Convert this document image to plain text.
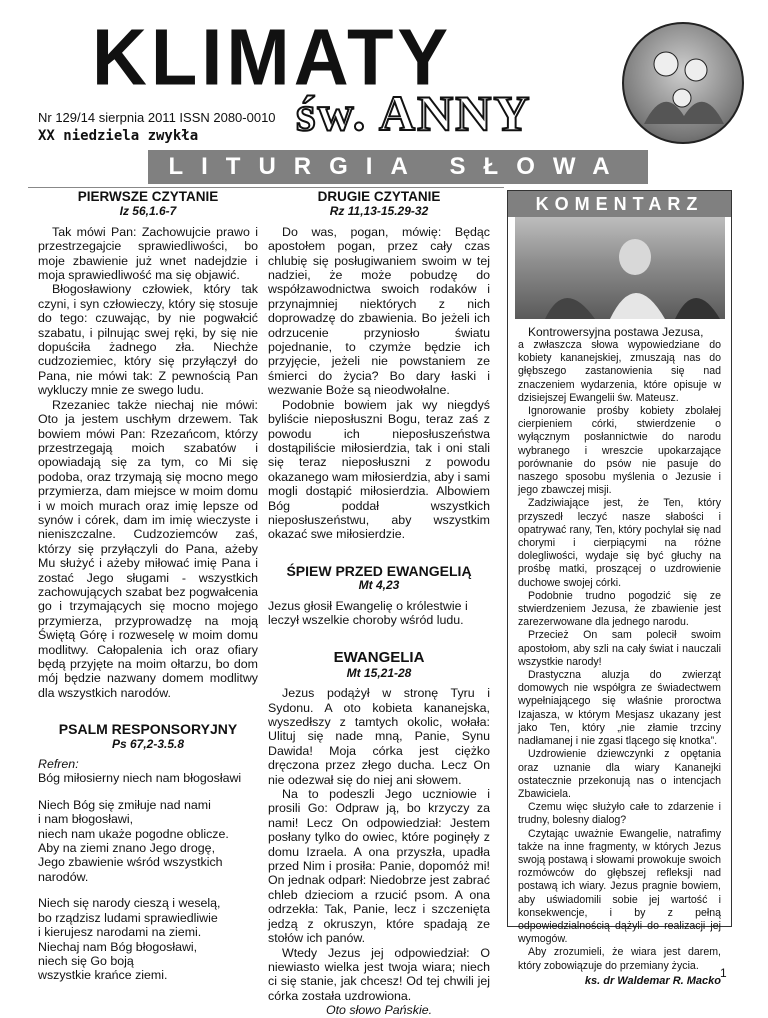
KLIMATY
św. ANNY
Nr 129/14 sierpnia 2011 ISSN 2080-0010
XX niedziela zwykła
LITURGIA SŁOWA
PIERWSZE CZYTANIE
Iz 56,1.6-7

Tak mówi Pan: Zachowujcie prawo i przestrzegajcie sprawiedliwości, bo moje zbawienie już wnet nadejdzie i moja sprawiedliwość ma się objawić.

Błogosławiony człowiek, który tak czyni, i syn człowieczy, który się stosuje do tego: czuwając, by nie pogwałcić szabatu, i pilnując swej ręki, by się nie dopuściła żadnego zła. Niechże cudzoziemiec, który się przyłączył do Pana, nie mówi tak: Z pewnością Pan wykluczy mnie ze swego ludu.

Rzezaniec także niechaj nie mówi: Oto ja jestem uschłym drzewem. Tak bowiem mówi Pan: Rzezańcom, którzy przestrzegają moich szabatów i opowiadają się za tym, co Mi się podoba, oraz trzymają się mocno mego przymierza, dam miejsce w moim domu i w moich murach oraz imię lepsze od synów i córek, dam im imię wieczyste i nieniszczalne. Cudzoziemców zaś, którzy się przyłączyli do Pana, ażeby Mu służyć i ażeby miłować imię Pana i zostać Jego sługami - wszystkich zachowujących szabat bez pogwałcenia go i trzymających się mocno mojego przymierza, przyprowadzę na moją Świętą Górę i rozweselę w moim domu modlitwy. Całopalenia ich oraz ofiary będą przyjęte na moim ołtarzu, bo dom mój będzie nazwany domem modlitwy dla wszystkich narodów.

PSALM RESPONSORYJNY
Ps 67,2-3.5.8

Refren:

Bóg miłosierny niech nam błogosławi

Niech Bóg się zmiłuje nad nami

i nam błogosławi,

niech nam ukaże pogodne oblicze.

Aby na ziemi znano Jego drogę,

Jego zbawienie wśród wszystkich

narodów.

Niech się narody cieszą i weselą,

bo rządzisz ludami sprawiedliwie

i kierujesz narodami na ziemi.

Niechaj nam Bóg błogosławi,

niech się Go boją

wszystkie krańce ziemi.

DRUGIE CZYTANIE
Rz 11,13-15.29-32

Do was, pogan, mówię: Będąc apostołem pogan, przez cały czas chlubię się posługiwaniem swoim w tej nadziei, że może pobudzę do współzawodnictwa swoich rodaków i przynajmniej niektórych z nich doprowadzę do zbawienia. Bo jeżeli ich odrzucenie przyniosło światu pojednanie, to czymże będzie ich przyjęcie, jeżeli nie powstaniem ze śmierci do życia? Bo dary łaski i wezwanie Boże są nieodwołalne.

Podobnie bowiem jak wy niegdyś byliście nieposłuszni Bogu, teraz zaś z powodu ich nieposłuszeństwa dostąpiliście miłosierdzia, tak i oni stali się teraz nieposłuszni z powodu okazanego wam miłosierdzia, aby i sami mogli dostąpić miłosierdzia. Albowiem Bóg poddał wszystkich nieposłuszeństwu, aby wszystkim okazać swe miłosierdzie.

ŚPIEW PRZED EWANGELIĄ
Mt 4,23

Jezus głosił Ewangelię o królestwie i leczył wszelkie choroby wśród ludu.

EWANGELIA
Mt 15,21-28

Jezus podążył w stronę Tyru i Sydonu. A oto kobieta kananejska, wyszedłszy z tamtych okolic, wołała: Ulituj się nade mną, Panie, Synu Dawida! Moja córka jest ciężko dręczona przez złego ducha. Lecz On nie odezwał się do niej ani słowem.

Na to podeszli Jego uczniowie i prosili Go: Odpraw ją, bo krzyczy za nami! Lecz On odpowiedział: Jestem posłany tylko do owiec, które poginęły z domu Izraela. A ona przyszła, upadła przed Nim i prosiła: Panie, dopomóż mi! On jednak odparł: Niedobrze jest zabrać chleb dzieciom a rzucić psom. A ona odrzekła: Tak, Panie, lecz i szczenięta jedzą z okruszyn, które spadają ze stołów ich panów.

Wtedy Jezus jej odpowiedział: O niewiasto wielka jest twoja wiara; niech ci się stanie, jak chcesz! Od tej chwili jej córka została uzdrowiona.

Oto słowo Pańskie.

KOMENTARZ

Kontrowersyjna postawa Jezusa,

a zwłaszcza słowa wypowiedziane do kobiety kananejskiej, zmuszają nas do głębszego zastanowienia się nad znaczeniem wydarzenia, które opisuje w dzisiejszej Ewangelii św. Mateusz.

Ignorowanie prośby kobiety zbolałej cierpieniem córki, stwierdzenie o wyłącznym posłannictwie do narodu wybranego i wreszcie upokarzające porównanie do psów nie pasuje do naszego sposobu myślenia o Jezusie i jego zbawczej misji.

Zadziwiające jest, że Ten, który przyszedł leczyć nasze słabości i opatrywać rany, Ten, który pochylał się nad chorymi i cierpiącymi na różne dolegliwości, wydaje się być głuchy na prośbę matki, proszącej o uzdrowienie duchowe swojej córki.

Podobnie trudno pogodzić się ze stwierdzeniem Jezusa, że zbawienie jest zarezerwowane dla jednego narodu.

Przecież On sam polecił swoim apostołom, aby szli na cały świat i nauczali wszystkie narody!

Drastyczna aluzja do zwierząt domowych nie współgra ze świadectwem wypełniającego się właśnie proroctwa Izajasza, w którym Mesjasz ukazany jest jako Ten, który „nie złamie trzciny nadłamanej i nie zgasi tlącego się knotka”.

Uzdrowienie dziewczynki z opętania oraz uznanie dla wiary Kananejki ostatecznie przekonują nas o intencjach Zbawiciela.

Czemu więc służyło całe to zdarzenie i trudny, bolesny dialog?

Czytając uważnie Ewangelie, natrafimy także na inne fragmenty, w których Jezus swoją postawą i słowami prowokuje swoich rozmówców do głębszej refleksji nad postawą ich wiary. Jezus pragnie bowiem, aby uświadomili sobie jej wartość i konsekwencje, i by z pełną odpowiedzialnością dążyli do realizacji jej wymogów.

Aby zrozumieli, że wiara jest darem, który zobowiązuje do przemiany życia.

ks. dr Waldemar R. Macko
1
